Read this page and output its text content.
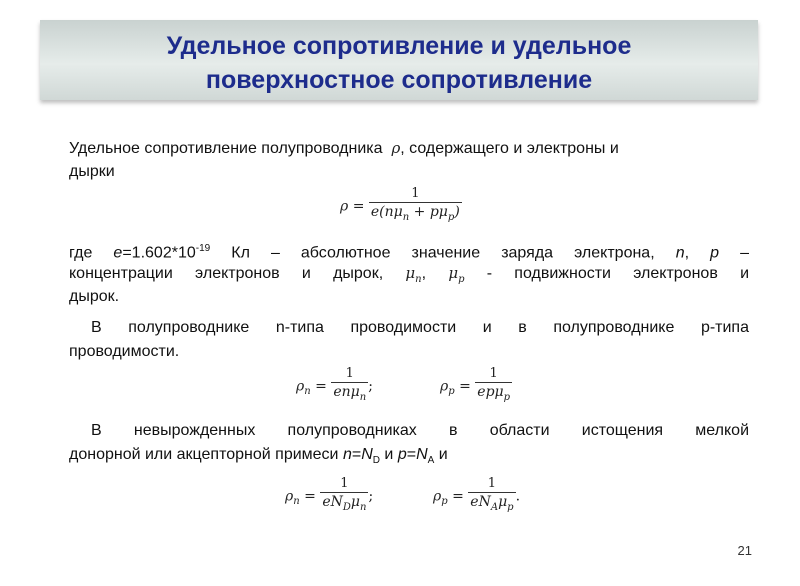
Удельное сопротивление и удельное
поверхностное сопротивление
Удельное сопротивление полупроводника ρ, содержащего и электроны и
дырки
$\rho = \frac{1}{e(n\mu_n + p\mu_p)}$
где $e=1.602*10^{-19}$ Кл – абсолютное значение заряда электрона, n, p –
концентрации электронов и дырок, $\mu_n$, $\mu_p$ - подвижности электронов и
дырок.
В полупроводнике n-типа проводимости и в полупроводнике p-типа
проводимости.
$\rho_n = \frac{1}{en\mu_n}$ ;	$\rho_p = \frac{1}{ep\mu_p}$
В невырожденных полупроводниках в области истощения мелкой
донорной или акцепторной примеси $n=N_D$ и $p=N_A$ и
$\rho_n = \frac{1}{eN_D\mu_n}$ ;	$\rho_p = \frac{1}{eN_A\mu_p}$ .
21
